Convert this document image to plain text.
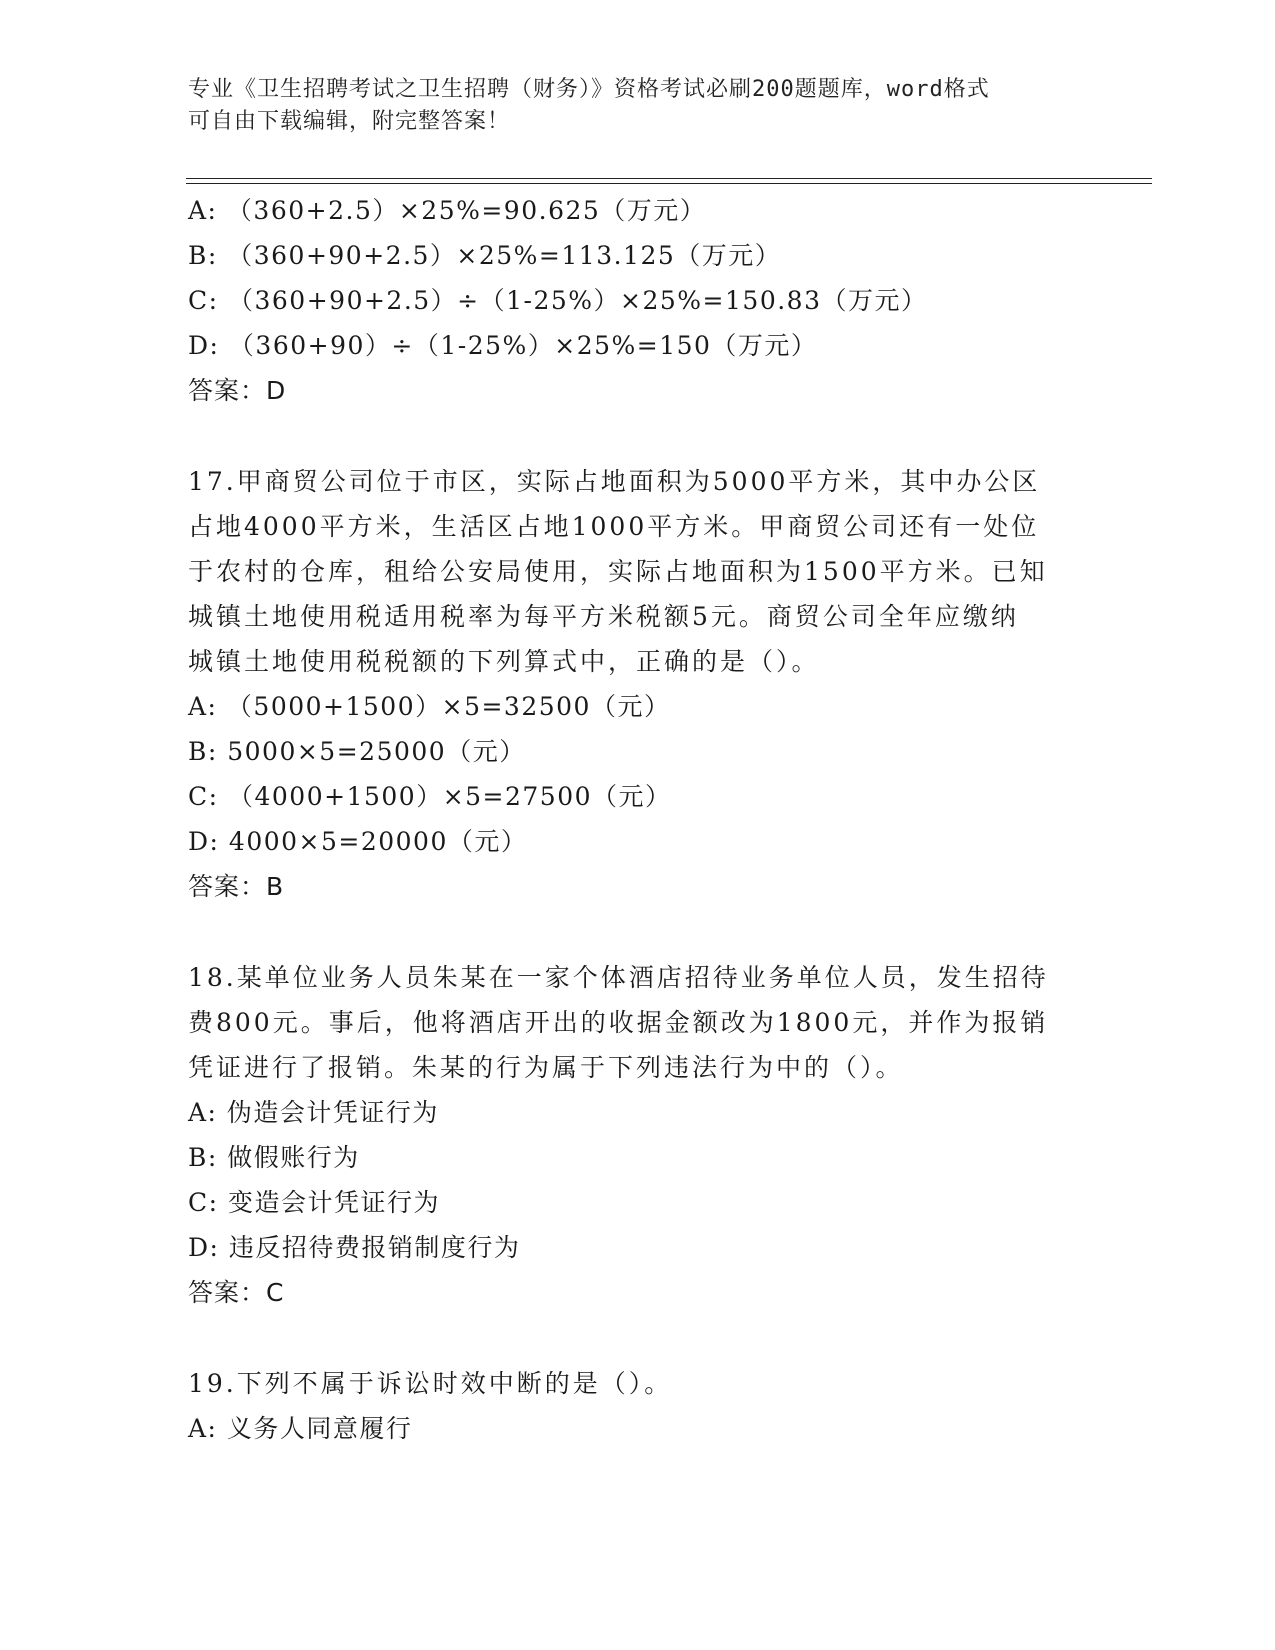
专业《卫生招聘考试之卫生招聘（财务）》资格考试必刷200题题库，word格式
可自由下载编辑，附完整答案！
A: （360+2.5）×25%=90.625（万元）
B: （360+90+2.5）×25%=113.125（万元）
C: （360+90+2.5）÷（1-25%）×25%=150.83（万元）
D: （360+90）÷（1-25%）×25%=150（万元）
答案：D
17.甲商贸公司位于市区，实际占地面积为5000平方米，其中办公区
占地4000平方米，生活区占地1000平方米。甲商贸公司还有一处位
于农村的仓库，租给公安局使用，实际占地面积为1500平方米。已知
城镇土地使用税适用税率为每平方米税额5元。商贸公司全年应缴纳
城镇土地使用税税额的下列算式中，正确的是（）。
A: （5000+1500）×5=32500（元）
B: 5000×5=25000（元）
C: （4000+1500）×5=27500（元）
D: 4000×5=20000（元）
答案：B
18.某单位业务人员朱某在一家个体酒店招待业务单位人员，发生招待
费800元。事后，他将酒店开出的收据金额改为1800元，并作为报销
凭证进行了报销。朱某的行为属于下列违法行为中的（）。
A: 伪造会计凭证行为
B: 做假账行为
C: 变造会计凭证行为
D: 违反招待费报销制度行为
答案：C
19.下列不属于诉讼时效中断的是（）。
A: 义务人同意履行
